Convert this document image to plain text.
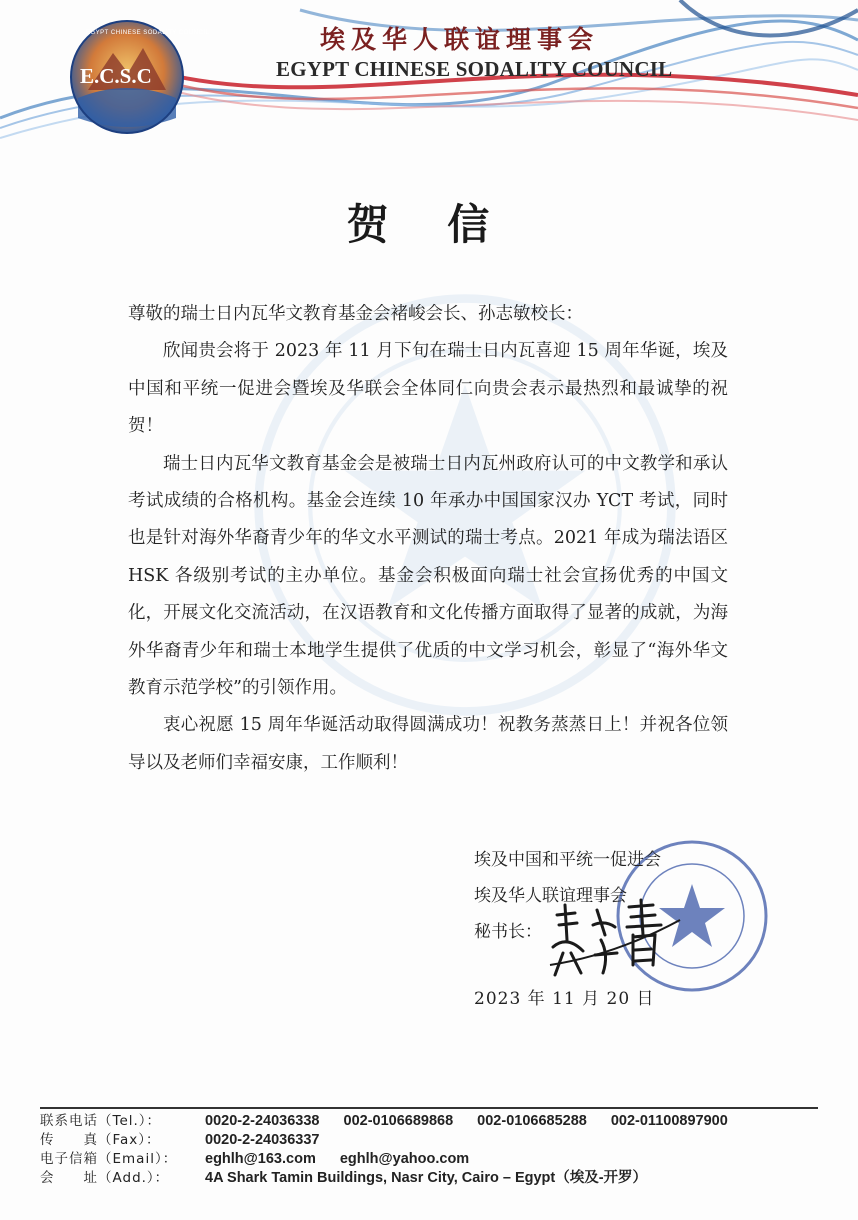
E.C.S.C
EGYPT CHINESE SODALITY COUNCIL	埃及华人联谊理事会
EGYPT CHINESE SODALITY COUNCIL
贺 信

尊敬的瑞士日内瓦华文教育基金会褚峻会长、孙志敏校长：

欣闻贵会将于 2023 年 11 月下旬在瑞士日内瓦喜迎 15 周年华诞，埃及中国和平统一促进会暨埃及华联会全体同仁向贵会表示最热烈和最诚挚的祝贺！

瑞士日内瓦华文教育基金会是被瑞士日内瓦州政府认可的中文教学和承认考试成绩的合格机构。基金会连续 10 年承办中国国家汉办 YCT 考试，同时也是针对海外华裔青少年的华文水平测试的瑞士考点。2021 年成为瑞法语区 HSK 各级别考试的主办单位。基金会积极面向瑞士社会宣扬优秀的中国文化，开展文化交流活动，在汉语教育和文化传播方面取得了显著的成就，为海外华裔青少年和瑞士本地学生提供了优质的中文学习机会，彰显了“海外华文教育示范学校”的引领作用。

衷心祝愿 15 周年华诞活动取得圆满成功！祝教务蒸蒸日上！并祝各位领导以及老师们幸福安康，工作顺利！

埃及中国和平统一促进会
埃及华人联谊理事会
秘书长：
2023 年 11 月 20 日
联系电话（Tel.）：	0020-2-24036338 002-0106689868 002-0106685288 002-01100897900
传　　真（Fax）：	0020-2-24036337
电子信箱（Email）： eghlh@163.com eghlh@yahoo.com
会　　址（Add.）： 4A Shark Tamin Buildings, Nasr City, Cairo – Egypt（埃及-开罗）
